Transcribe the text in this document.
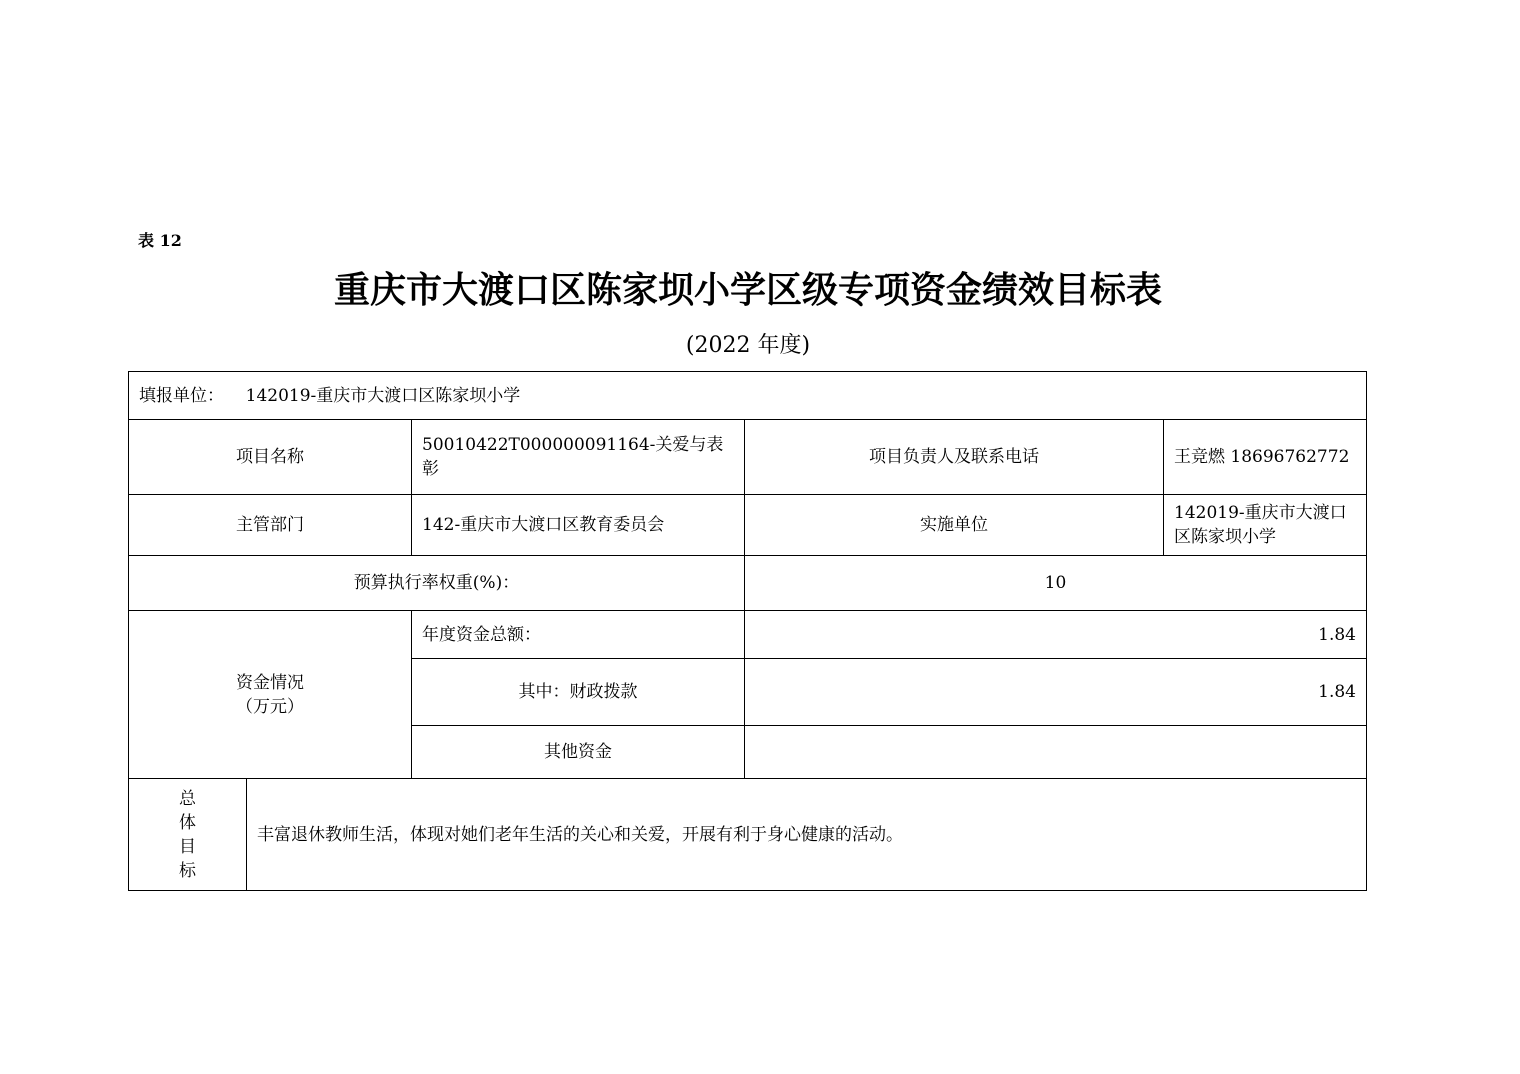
表 12
重庆市大渡口区陈家坝小学区级专项资金绩效目标表
(2022 年度)
填报单位： 142019-重庆市大渡口区陈家坝小学				
项目名称		50010422T000000091164-关爱与表彰	项目负责人及联系电话	王竞燃 18696762772
主管部门		142-重庆市大渡口区教育委员会	实施单位	142019-重庆市大渡口区陈家坝小学
预算执行率权重(%)：			10	

资金情况
（万元）		年度资金总额：	1.84	
		其中：财政拨款	1.84	
		其他资金		

总
体
目
标	丰富退休教师生活，体现对她们老年生活的关心和关爱，开展有利于身心健康的活动。			
